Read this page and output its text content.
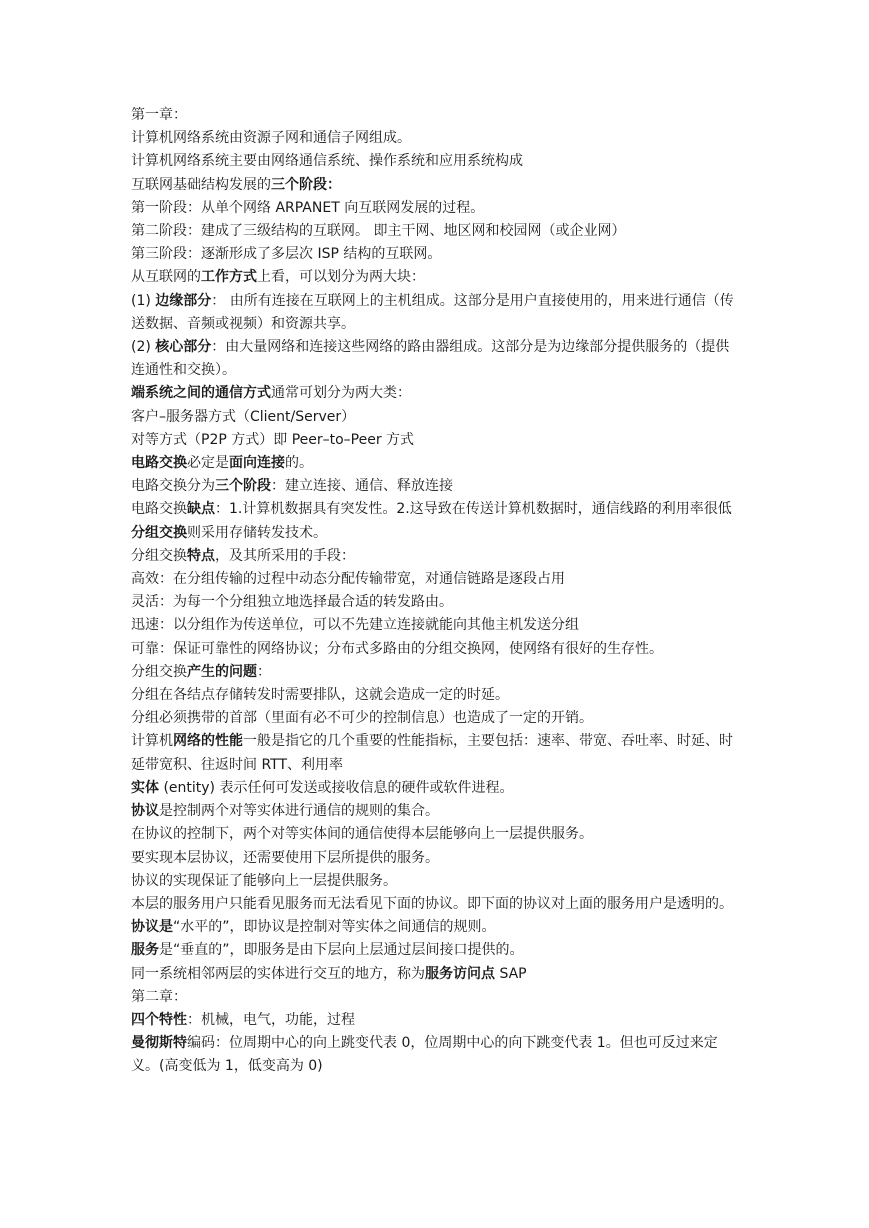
第一章：

计算机网络系统由资源子网和通信子网组成。

计算机网络系统主要由网络通信系统、操作系统和应用系统构成

互联网基础结构发展的三个阶段：

第一阶段：从单个网络 ARPANET 向互联网发展的过程。

第二阶段：建成了三级结构的互联网。 即主干网、地区网和校园网（或企业网）

第三阶段：逐渐形成了多层次 ISP 结构的互联网。

从互联网的工作方式上看，可以划分为两大块：

(1) 边缘部分： 由所有连接在互联网上的主机组成。这部分是用户直接使用的，用来进行通信（传送数据、音频或视频）和资源共享。

(2) 核心部分：由大量网络和连接这些网络的路由器组成。这部分是为边缘部分提供服务的（提供连通性和交换）。

端系统之间的通信方式通常可划分为两大类：

客户–服务器方式（Client/Server）

对等方式（P2P 方式）即 Peer–to–Peer 方式

电路交换必定是面向连接的。

电路交换分为三个阶段：建立连接、通信、释放连接

电路交换缺点：1.计算机数据具有突发性。2.这导致在传送计算机数据时，通信线路的利用率很低

分组交换则采用存储转发技术。

分组交换特点，及其所采用的手段：

高效：在分组传输的过程中动态分配传输带宽，对通信链路是逐段占用

灵活：为每一个分组独立地选择最合适的转发路由。

迅速：以分组作为传送单位，可以不先建立连接就能向其他主机发送分组

可靠：保证可靠性的网络协议；分布式多路由的分组交换网，使网络有很好的生存性。

分组交换产生的问题：

分组在各结点存储转发时需要排队，这就会造成一定的时延。

分组必须携带的首部（里面有必不可少的控制信息）也造成了一定的开销。

计算机网络的性能一般是指它的几个重要的性能指标，主要包括：速率、带宽、吞吐率、时延、时延带宽积、往返时间 RTT、利用率

实体 (entity) 表示任何可发送或接收信息的硬件或软件进程。

协议是控制两个对等实体进行通信的规则的集合。

在协议的控制下，两个对等实体间的通信使得本层能够向上一层提供服务。

要实现本层协议，还需要使用下层所提供的服务。

协议的实现保证了能够向上一层提供服务。

本层的服务用户只能看见服务而无法看见下面的协议。即下面的协议对上面的服务用户是透明的。

协议是“水平的”，即协议是控制对等实体之间通信的规则。

服务是“垂直的”，即服务是由下层向上层通过层间接口提供的。

同一系统相邻两层的实体进行交互的地方，称为服务访问点 SAP

第二章：

四个特性：机械，电气，功能，过程

曼彻斯特编码：位周期中心的向上跳变代表 0，位周期中心的向下跳变代表 1。但也可反过来定义。(高变低为 1，低变高为 0)
